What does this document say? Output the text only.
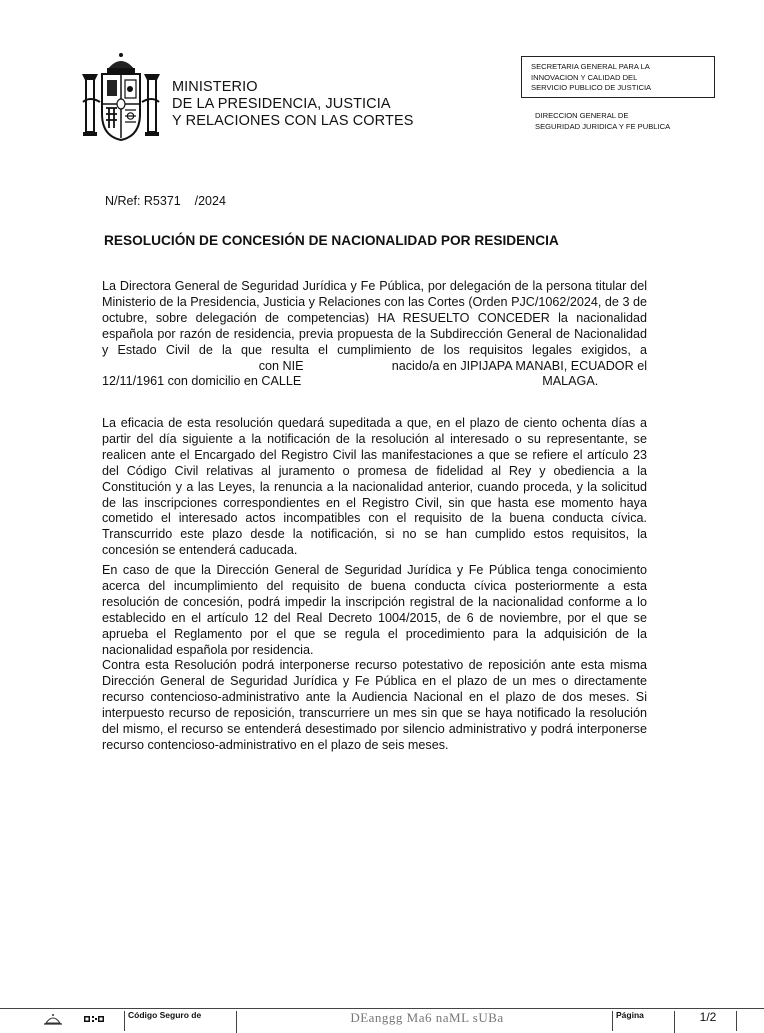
MINISTERIO
DE LA PRESIDENCIA, JUSTICIA
Y RELACIONES CON LAS CORTES
SECRETARIA GENERAL PARA LA
INNOVACION Y CALIDAD DEL
SERVICIO PUBLICO DE JUSTICIA
DIRECCION GENERAL DE
SEGURIDAD JURIDICA Y FE PUBLICA
N/Ref: R5371    /2024
RESOLUCIÓN DE CONCESIÓN DE NACIONALIDAD POR RESIDENCIA
La Directora General de Seguridad Jurídica y Fe Pública, por delegación de la persona titular del Ministerio de la Presidencia, Justicia y Relaciones con las Cortes (Orden PJC/1062/2024, de 3 de octubre, sobre delegación de competencias) HA RESUELTO CONCEDER la nacionalidad española por razón de residencia, previa propuesta de la Subdirección General de Nacionalidad y Estado Civil de la que resulta el cumplimiento de los requisitos legales exigidos, a                                    con NIE	nacido/a en JIPIJAPA MANABI, ECUADOR el 12/11/1961 con domicilio en CALLE	MALAGA.
La eficacia de esta resolución quedará supeditada a que, en el plazo de ciento ochenta días a partir del día siguiente a la notificación de la resolución al interesado o su representante, se realicen ante el Encargado del Registro Civil las manifestaciones a que se refiere el artículo 23 del Código Civil relativas al juramento o promesa de fidelidad al Rey y obediencia a la Constitución y a las Leyes, la renuncia a la nacionalidad anterior, cuando proceda, y la solicitud de las inscripciones correspondientes en el Registro Civil, sin que hasta ese momento haya cometido el interesado actos incompatibles con el requisito de la buena conducta cívica. Transcurrido este plazo desde la notificación, si no se han cumplido estos requisitos, la concesión se entenderá caducada.
En caso de que la Dirección General de Seguridad Jurídica y Fe Pública tenga conocimiento acerca del incumplimiento del requisito de buena conducta cívica posteriormente a esta resolución de concesión, podrá impedir la inscripción registral de la nacionalidad conforme a lo establecido en el artículo 12 del Real Decreto 1004/2015, de 6 de noviembre, por el que se aprueba el Reglamento por el que se regula el procedimiento para la adquisición de la nacionalidad española por residencia.
Contra esta Resolución podrá interponerse recurso potestativo de reposición ante esta misma Dirección General de Seguridad Jurídica y Fe Pública en el plazo de un mes o directamente recurso contencioso-administrativo ante la Audiencia Nacional en el plazo de dos meses. Si interpuesto recurso de reposición, transcurriere un mes sin que se haya notificado la resolución del mismo, el recurso se entenderá desestimado por silencio administrativo y podrá interponerse recurso contencioso-administrativo en el plazo de seis meses.
Código Seguro de	DEanggg Ma6 naML sUBa	Página	1/2
